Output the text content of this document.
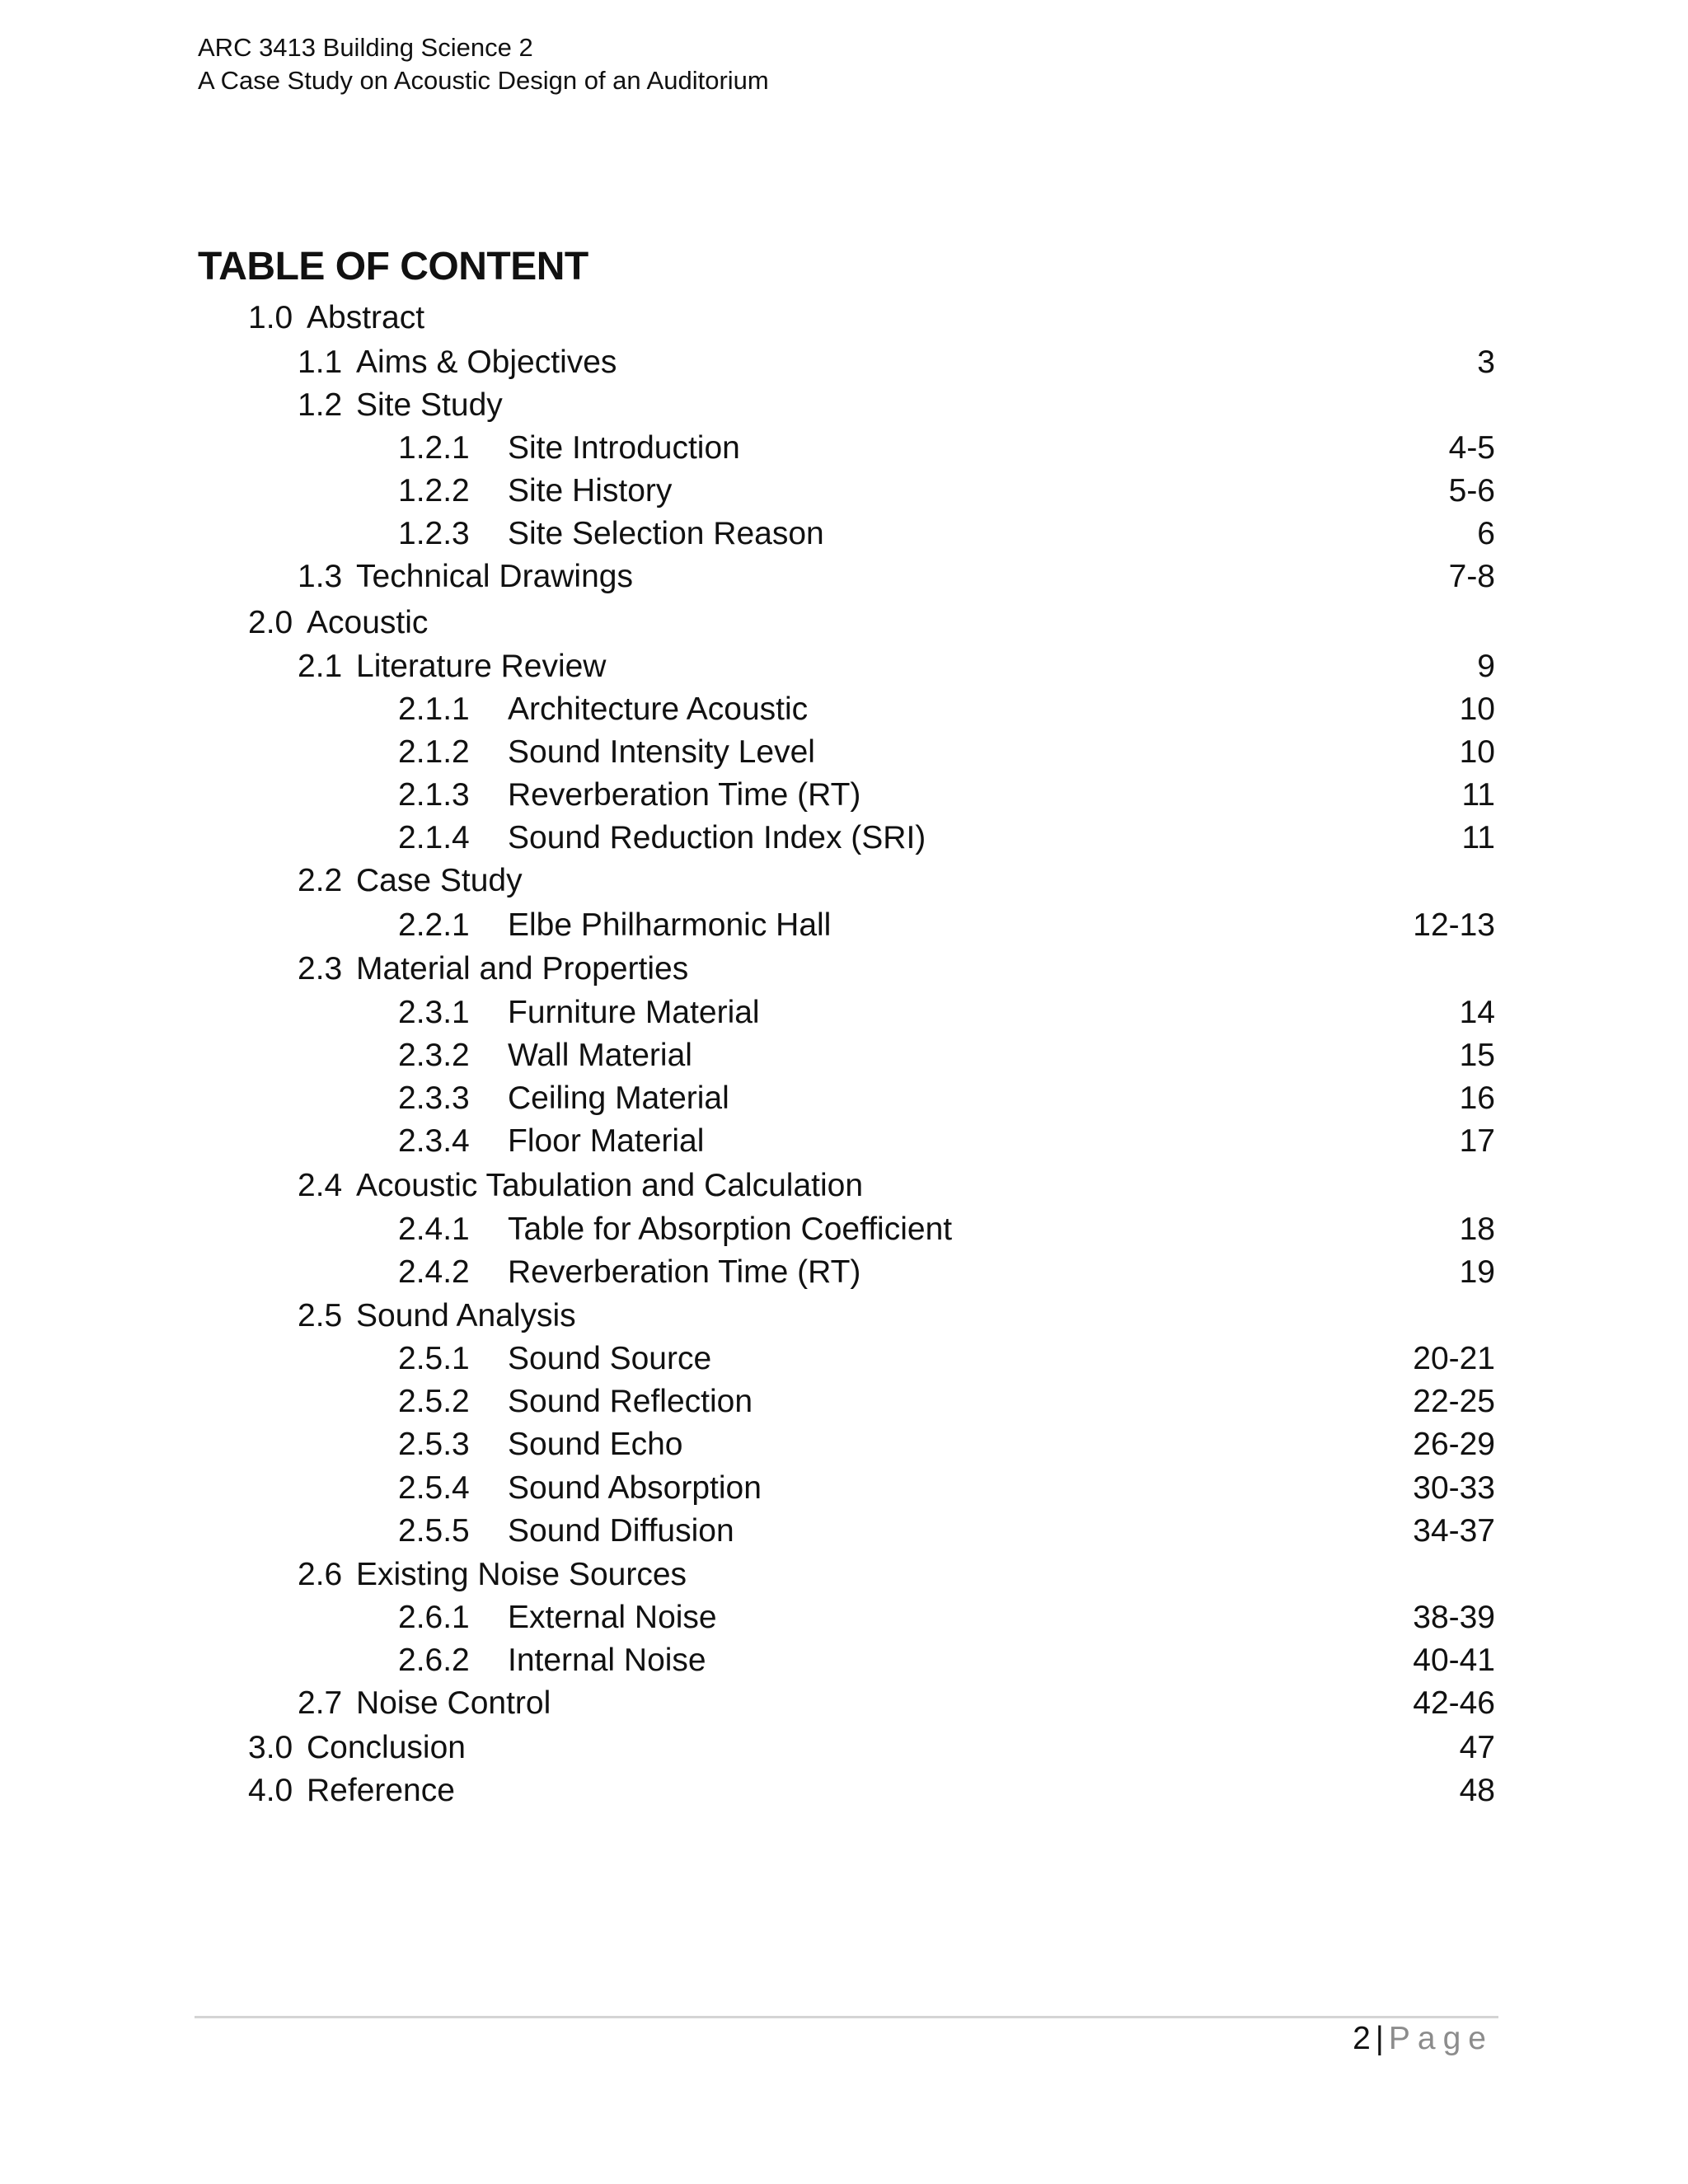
ARC 3413 Building Science 2
A Case Study on Acoustic Design of an Auditorium
TABLE OF CONTENT
1.0 Abstract
1.1 Aims & Objectives	3
1.2 Site Study
1.2.1 Site Introduction	4-5
1.2.2 Site History	5-6
1.2.3 Site Selection Reason	6
1.3 Technical Drawings	7-8
2.0 Acoustic
2.1 Literature Review	9
2.1.1 Architecture Acoustic	10
2.1.2 Sound Intensity Level	10
2.1.3 Reverberation Time (RT)	11
2.1.4 Sound Reduction Index (SRI)	11
2.2 Case Study
2.2.1 Elbe Philharmonic Hall	12-13
2.3 Material and Properties
2.3.1 Furniture Material	14
2.3.2 Wall Material	15
2.3.3 Ceiling Material	16
2.3.4 Floor Material	17
2.4 Acoustic Tabulation and Calculation
2.4.1 Table for Absorption Coefficient	18
2.4.2 Reverberation Time (RT)	19
2.5 Sound Analysis
2.5.1 Sound Source	20-21
2.5.2 Sound Reflection	22-25
2.5.3 Sound Echo	26-29
2.5.4 Sound Absorption	30-33
2.5.5 Sound Diffusion	34-37
2.6 Existing Noise Sources
2.6.1 External Noise	38-39
2.6.2 Internal Noise	40-41
2.7 Noise Control	42-46
3.0 Conclusion	47
4.0 Reference	48
2 | Page
